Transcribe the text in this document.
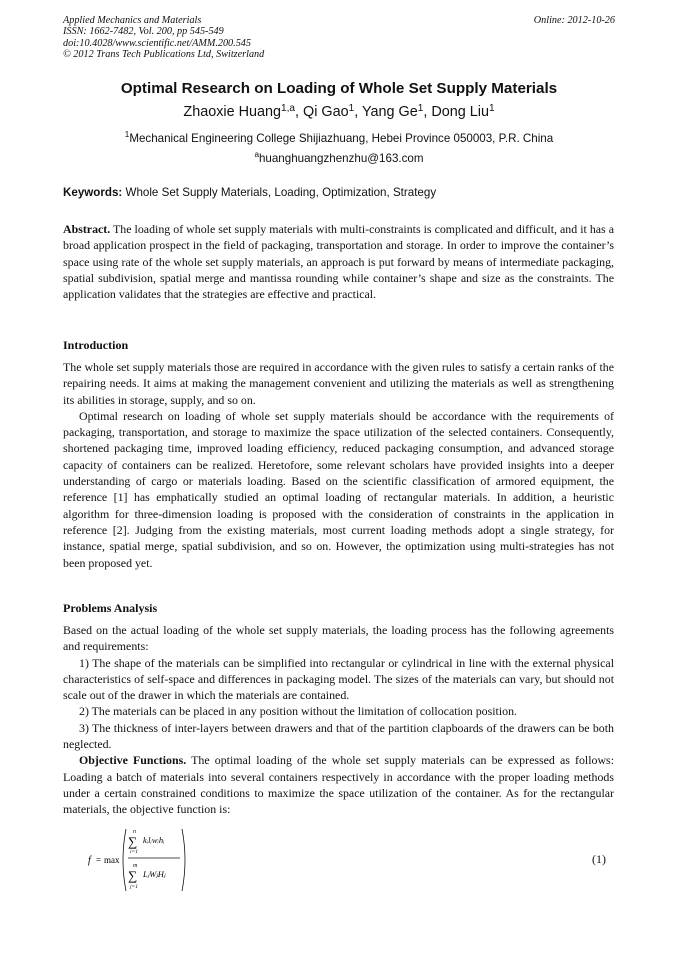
Applied Mechanics and Materials
ISSN: 1662-7482, Vol. 200, pp 545-549
doi:10.4028/www.scientific.net/AMM.200.545
© 2012 Trans Tech Publications Ltd, Switzerland
Online: 2012-10-26
Optimal Research on Loading of Whole Set Supply Materials
Zhaoxie Huang$^{1,a}$, Qi Gao$^1$, Yang Ge$^1$, Dong Liu$^1$
$^1$Mechanical Engineering College Shijiazhuang, Hebei Province 050003, P.R. China
$^a$huanghuangzhenzhu@163.com
Keywords: Whole Set Supply Materials, Loading, Optimization, Strategy

Abstract. The loading of whole set supply materials with multi-constraints is complicated and difficult, and it has a broad application prospect in the field of packaging, transportation and storage. In order to improve the container’s space using rate of the whole set supply materials, an approach is put forward by means of intermediate packaging, spatial subdivision, spatial merge and mantissa rounding while container’s shape and size as the constraints. The application validates that the strategies are effective and practical.

Introduction

The whole set supply materials those are required in accordance with the given rules to satisfy a certain ranks of the repairing needs. It aims at making the management convenient and utilizing the materials as well as strengthening its abilities in storage, supply, and so on.

Optimal research on loading of whole set supply materials should be accordance with the requirements of packaging, transportation, and storage to maximize the space utilization of the selected containers. Consequently, shortened packaging time, improved loading efficiency, reduced packaging consumption, and advanced storage capacity of containers can be realized. Heretofore, some relevant scholars have provided insights into a deeper understanding of cargo or materials loading. Based on the scientific classification of armored equipment, the reference [1] has emphatically studied an optimal loading of rectangular materials. In addition, a heuristic algorithm for three-dimension loading is proposed with the consideration of constraints in the application in reference [2]. Judging from the existing materials, most current loading methods adopt a single strategy, for instance, spatial merge, spatial subdivision, and so on. However, the optimization using multi-strategies has not been proposed yet.

Problems Analysis

Based on the actual loading of the whole set supply materials, the loading process has the following agreements and requirements:

1) The shape of the materials can be simplified into rectangular or cylindrical in line with the external physical characteristics of self-space and differences in packaging model. The sizes of the materials can vary, but should not scale out of the drawer in which the materials are contained.

2) The materials can be placed in any position without the limitation of collocation position.

3) The thickness of inter-layers between drawers and that of the partition clapboards of the drawers can be both neglected.

Objective Functions. The optimal loading of the whole set supply materials can be expressed as follows: Loading a batch of materials into several containers respectively in accordance with the proper loading methods under a certain constrained conditions to maximize the space utilization of the container. As for the rectangular materials, the objective function is:

f = max
n
∑
i=1
kᵢlᵢwᵢhᵢ
m
∑
j=1
LⱼWⱼHⱼ
(1)
